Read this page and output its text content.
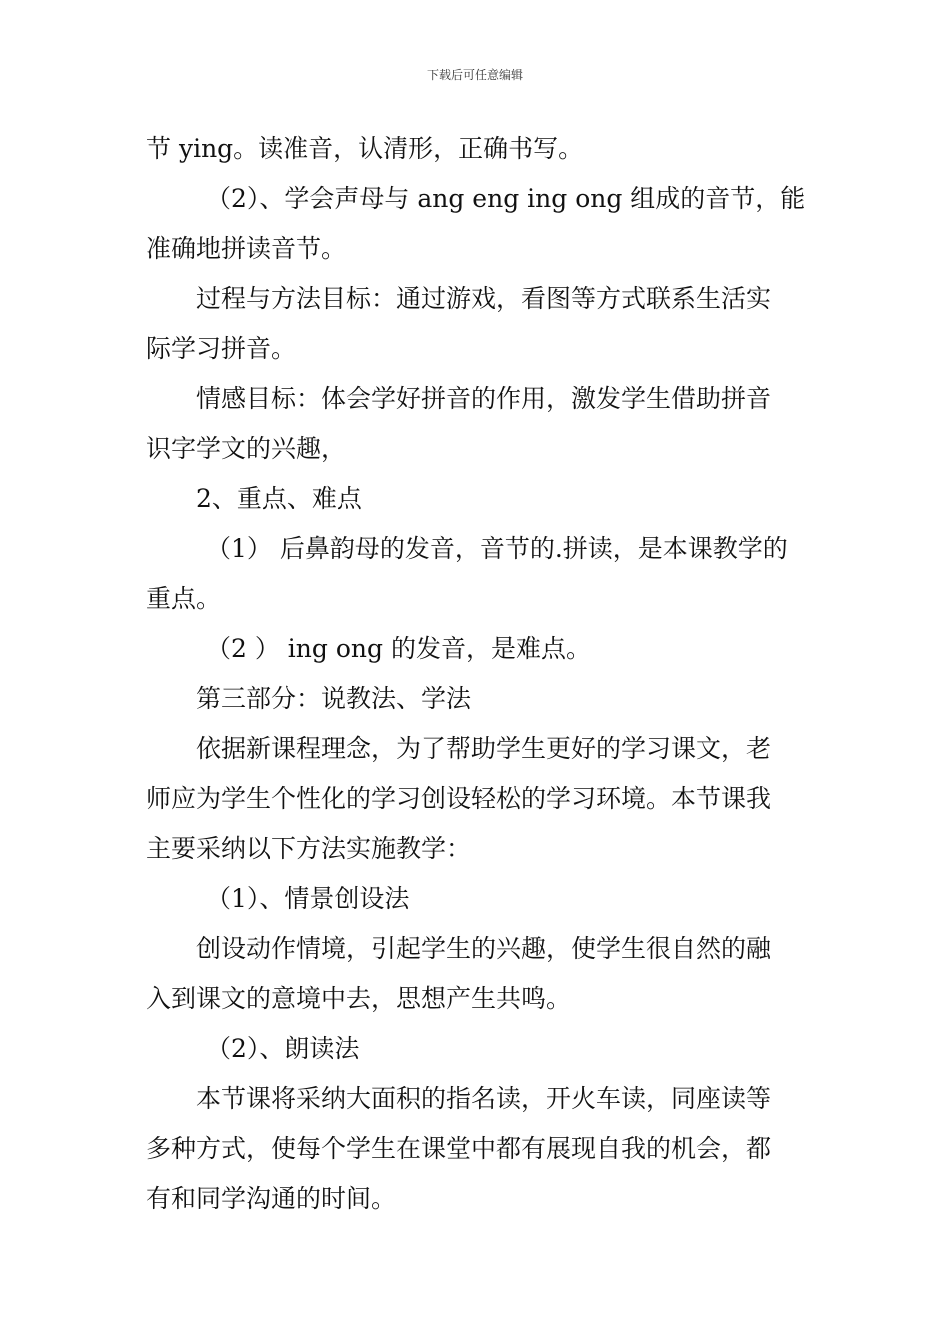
下载后可任意编辑
节 ying。读准音，认清形，正确书写。
（2）、学会声母与 ang eng ing ong 组成的音节，能
准确地拼读音节。
过程与方法目标：通过游戏，看图等方式联系生活实
际学习拼音。
情感目标：体会学好拼音的作用，激发学生借助拼音
识字学文的兴趣，
2、重点、难点
（1） 后鼻韵母的发音，音节的.拼读，是本课教学的
重点。
（2 ） ing ong 的发音，是难点。
第三部分：说教法、学法
依据新课程理念，为了帮助学生更好的学习课文，老
师应为学生个性化的学习创设轻松的学习环境。本节课我
主要采纳以下方法实施教学：
（1）、情景创设法
创设动作情境，引起学生的兴趣，使学生很自然的融
入到课文的意境中去，思想产生共鸣。
（2）、朗读法
本节课将采纳大面积的指名读，开火车读，同座读等
多种方式，使每个学生在课堂中都有展现自我的机会，都
有和同学沟通的时间。
